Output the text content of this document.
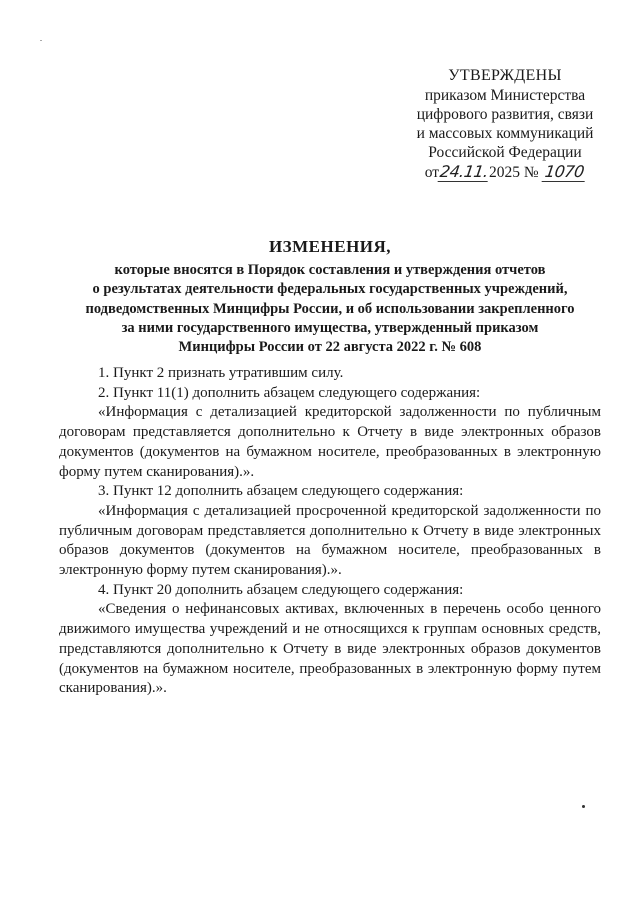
УТВЕРЖДЕНЫ
приказом Министерства
цифрового развития, связи
и массовых коммуникаций
Российской Федерации
от24.11.2025 № 1070
ИЗМЕНЕНИЯ,
которые вносятся в Порядок составления и утверждения отчетов
о результатах деятельности федеральных государственных учреждений,
подведомственных Минцифры России, и об использовании закрепленного
за ними государственного имущества, утвержденный приказом
Минцифры России от 22 августа 2022 г. № 608

1. Пункт 2 признать утратившим силу.

2. Пункт 11(1) дополнить абзацем следующего содержания:

«Информация с детализацией кредиторской задолженности по публичным договорам представляется дополнительно к Отчету в виде электронных образов документов (документов на бумажном носителе, преобразованных в электронную форму путем сканирования).».

3. Пункт 12 дополнить абзацем следующего содержания:

«Информация с детализацией просроченной кредиторской задолженности по публичным договорам представляется дополнительно к Отчету в виде электронных образов документов (документов на бумажном носителе, преобразованных в электронную форму путем сканирования).».

4. Пункт 20 дополнить абзацем следующего содержания:

«Сведения о нефинансовых активах, включенных в перечень особо ценного движимого имущества учреждений и не относящихся к группам основных средств, представляются дополнительно к Отчету в виде электронных образов документов (документов на бумажном носителе, преобразованных в электронную форму путем сканирования).».
